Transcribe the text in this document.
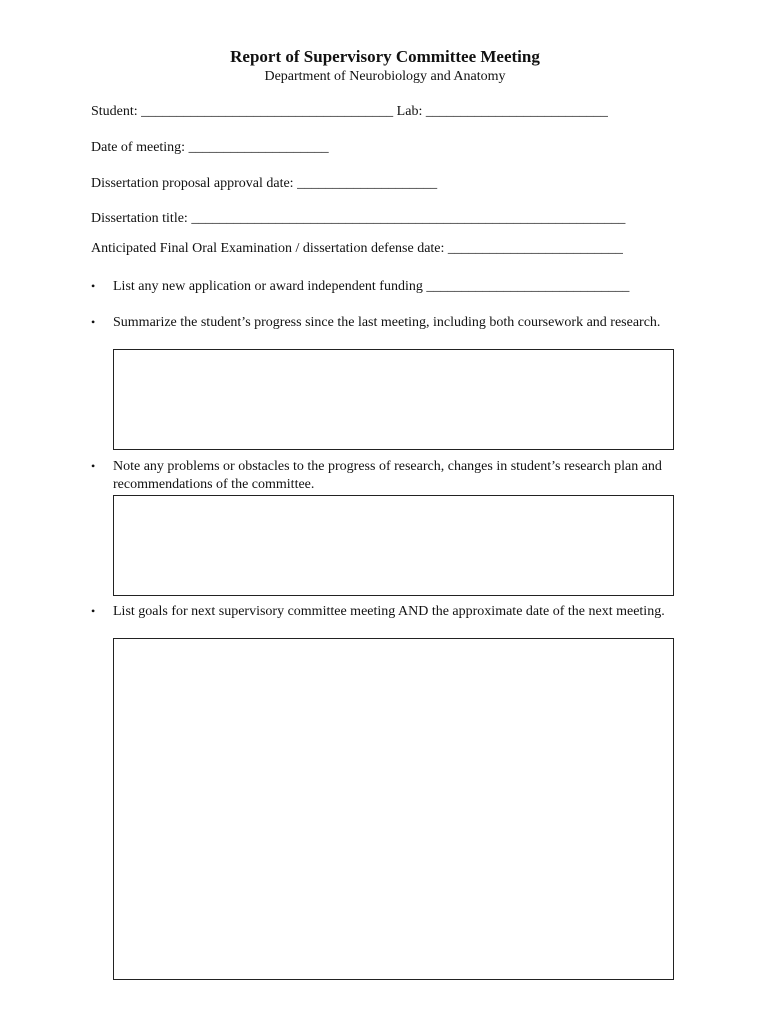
Report of Supervisory Committee Meeting
Department of Neurobiology and Anatomy
Student: ____________________________________ Lab: __________________________
Date of meeting: ____________________
Dissertation proposal approval date: ____________________
Dissertation title: ______________________________________________________________
Anticipated Final Oral Examination / dissertation defense date: _________________________
•	List any new application or award independent funding _____________________________
•	Summarize the student’s progress since the last meeting, including both coursework and research.
•	Note any problems or obstacles to the progress of research, changes in student’s research plan and recommendations of the committee.
•	List goals for next supervisory committee meeting AND the approximate date of the next meeting.
